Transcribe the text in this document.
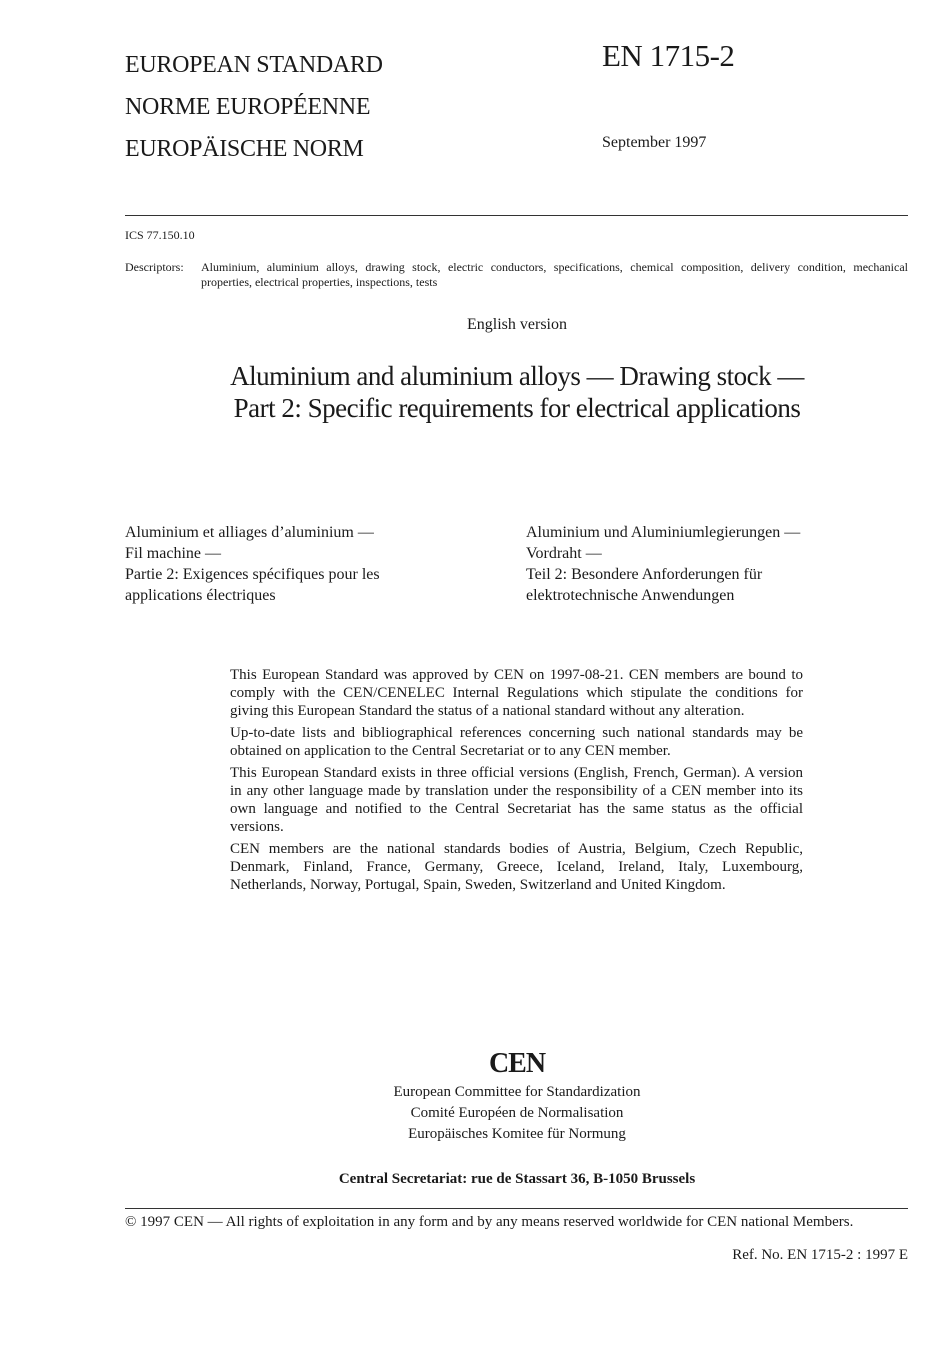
EUROPEAN STANDARD
NORME EUROPÉENNE
EUROPÄISCHE NORM
EN 1715-2
September 1997
ICS 77.150.10
Descriptors: Aluminium, aluminium alloys, drawing stock, electric conductors, specifications, chemical composition, delivery condition, mechanical properties, electrical properties, inspections, tests
English version
Aluminium and aluminium alloys — Drawing stock —
Part 2: Specific requirements for electrical applications
Aluminium et alliages d’aluminium —
Fil machine —
Partie 2: Exigences spécifiques pour les
applications électriques
Aluminium und Aluminiumlegierungen —
Vordraht —
Teil 2: Besondere Anforderungen für
elektrotechnische Anwendungen

This European Standard was approved by CEN on 1997-08-21. CEN members are bound to comply with the CEN/CENELEC Internal Regulations which stipulate the conditions for giving this European Standard the status of a national standard without any alteration.

Up-to-date lists and bibliographical references concerning such national standards may be obtained on application to the Central Secretariat or to any CEN member.

This European Standard exists in three official versions (English, French, German). A version in any other language made by translation under the responsibility of a CEN member into its own language and notified to the Central Secretariat has the same status as the official versions.

CEN members are the national standards bodies of Austria, Belgium, Czech Republic, Denmark, Finland, France, Germany, Greece, Iceland, Ireland, Italy, Luxembourg, Netherlands, Norway, Portugal, Spain, Sweden, Switzerland and United Kingdom.

CEN
European Committee for Standardization
Comité Européen de Normalisation
Europäisches Komitee für Normung
Central Secretariat: rue de Stassart 36, B-1050 Brussels
© 1997 CEN — All rights of exploitation in any form and by any means reserved worldwide for CEN national Members.
Ref. No. EN 1715-2 : 1997 E
